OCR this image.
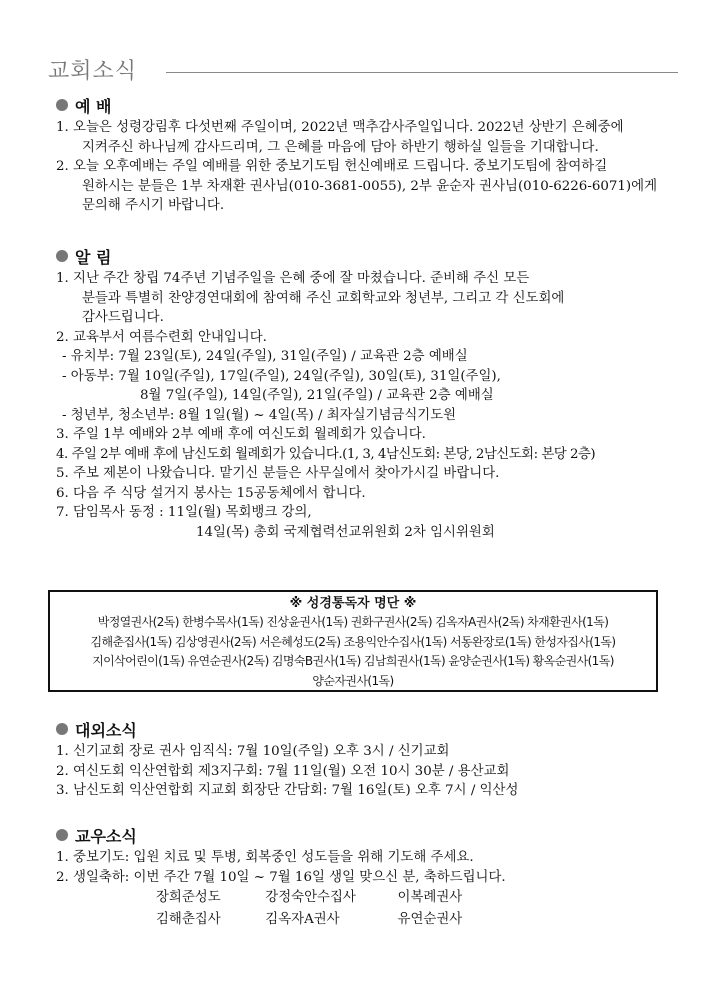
교회소식
예 배
1. 오늘은 성령강림후 다섯번째 주일이며, 2022년 맥추감사주일입니다. 2022년 상반기 은혜중에
지켜주신 하나님께 감사드리며, 그 은혜를 마음에 담아 하반기 행하실 일들을 기대합니다.
2. 오늘 오후예배는 주일 예배를 위한 중보기도팀 헌신예배로 드립니다. 중보기도팀에 참여하길
원하시는 분들은 1부 차재환 권사님(010-3681-0055), 2부 윤순자 권사님(010-6226-6071)에게
문의해 주시기 바랍니다.
알 림
1. 지난 주간 창립 74주년 기념주일을 은혜 중에 잘 마쳤습니다. 준비해 주신 모든
분들과 특별히 찬양경연대회에 참여해 주신 교회학교와 청년부, 그리고 각 신도회에
감사드립니다.
2. 교육부서 여름수련회 안내입니다.
- 유치부: 7월 23일(토), 24일(주일), 31일(주일) / 교육관 2층 예배실
- 아동부: 7월 10일(주일), 17일(주일), 24일(주일), 30일(토), 31일(주일),
8월 7일(주일), 14일(주일), 21일(주일) / 교육관 2층 예배실
- 청년부, 청소년부: 8월 1일(월) ~ 4일(목) / 최자실기념금식기도원
3. 주일 1부 예배와 2부 예배 후에 여신도회 월례회가 있습니다.
4. 주일 2부 예배 후에 남신도회 월례회가 있습니다.(1, 3, 4남신도회: 본당, 2남신도회: 본당 2층)
5. 주보 제본이 나왔습니다. 맡기신 분들은 사무실에서 찾아가시길 바랍니다.
6. 다음 주 식당 설거지 봉사는 15공동체에서 합니다.
7. 담임목사 동정 : 11일(월) 목회뱅크 강의,
14일(목) 총회 국제협력선교위원회 2차 임시위원회
※ 성경통독자 명단 ※
박정열권사(2독) 한병수목사(1독) 진상윤권사(1독) 권화구권사(2독) 김옥자A권사(2독) 차재환권사(1독)
김해춘집사(1독) 김상영권사(2독) 서은혜성도(2독) 조용익안수집사(1독) 서동완장로(1독) 한성자집사(1독)
지이삭어린이(1독) 유연순권사(2독) 김명숙B권사(1독) 김남희권사(1독) 윤양순권사(1독) 황옥순권사(1독)
양순자권사(1독)
대외소식
1. 신기교회 장로 권사 임직식: 7월 10일(주일) 오후 3시 / 신기교회
2. 여신도회 익산연합회 제3지구회: 7월 11일(월) 오전 10시 30분 / 용산교회
3. 남신도회 익산연합회 지교회 회장단 간담회: 7월 16일(토) 오후 7시 / 익산성
교우소식
1. 중보기도: 입원 치료 및 투병, 회복중인 성도들을 위해 기도해 주세요.
2. 생일축하: 이번 주간 7월 10일 ~ 7월 16일 생일 맞으신 분, 축하드립니다.
장희준성도	강정숙안수집사	이복례권사
김해춘집사	김옥자A권사	유연순권사
